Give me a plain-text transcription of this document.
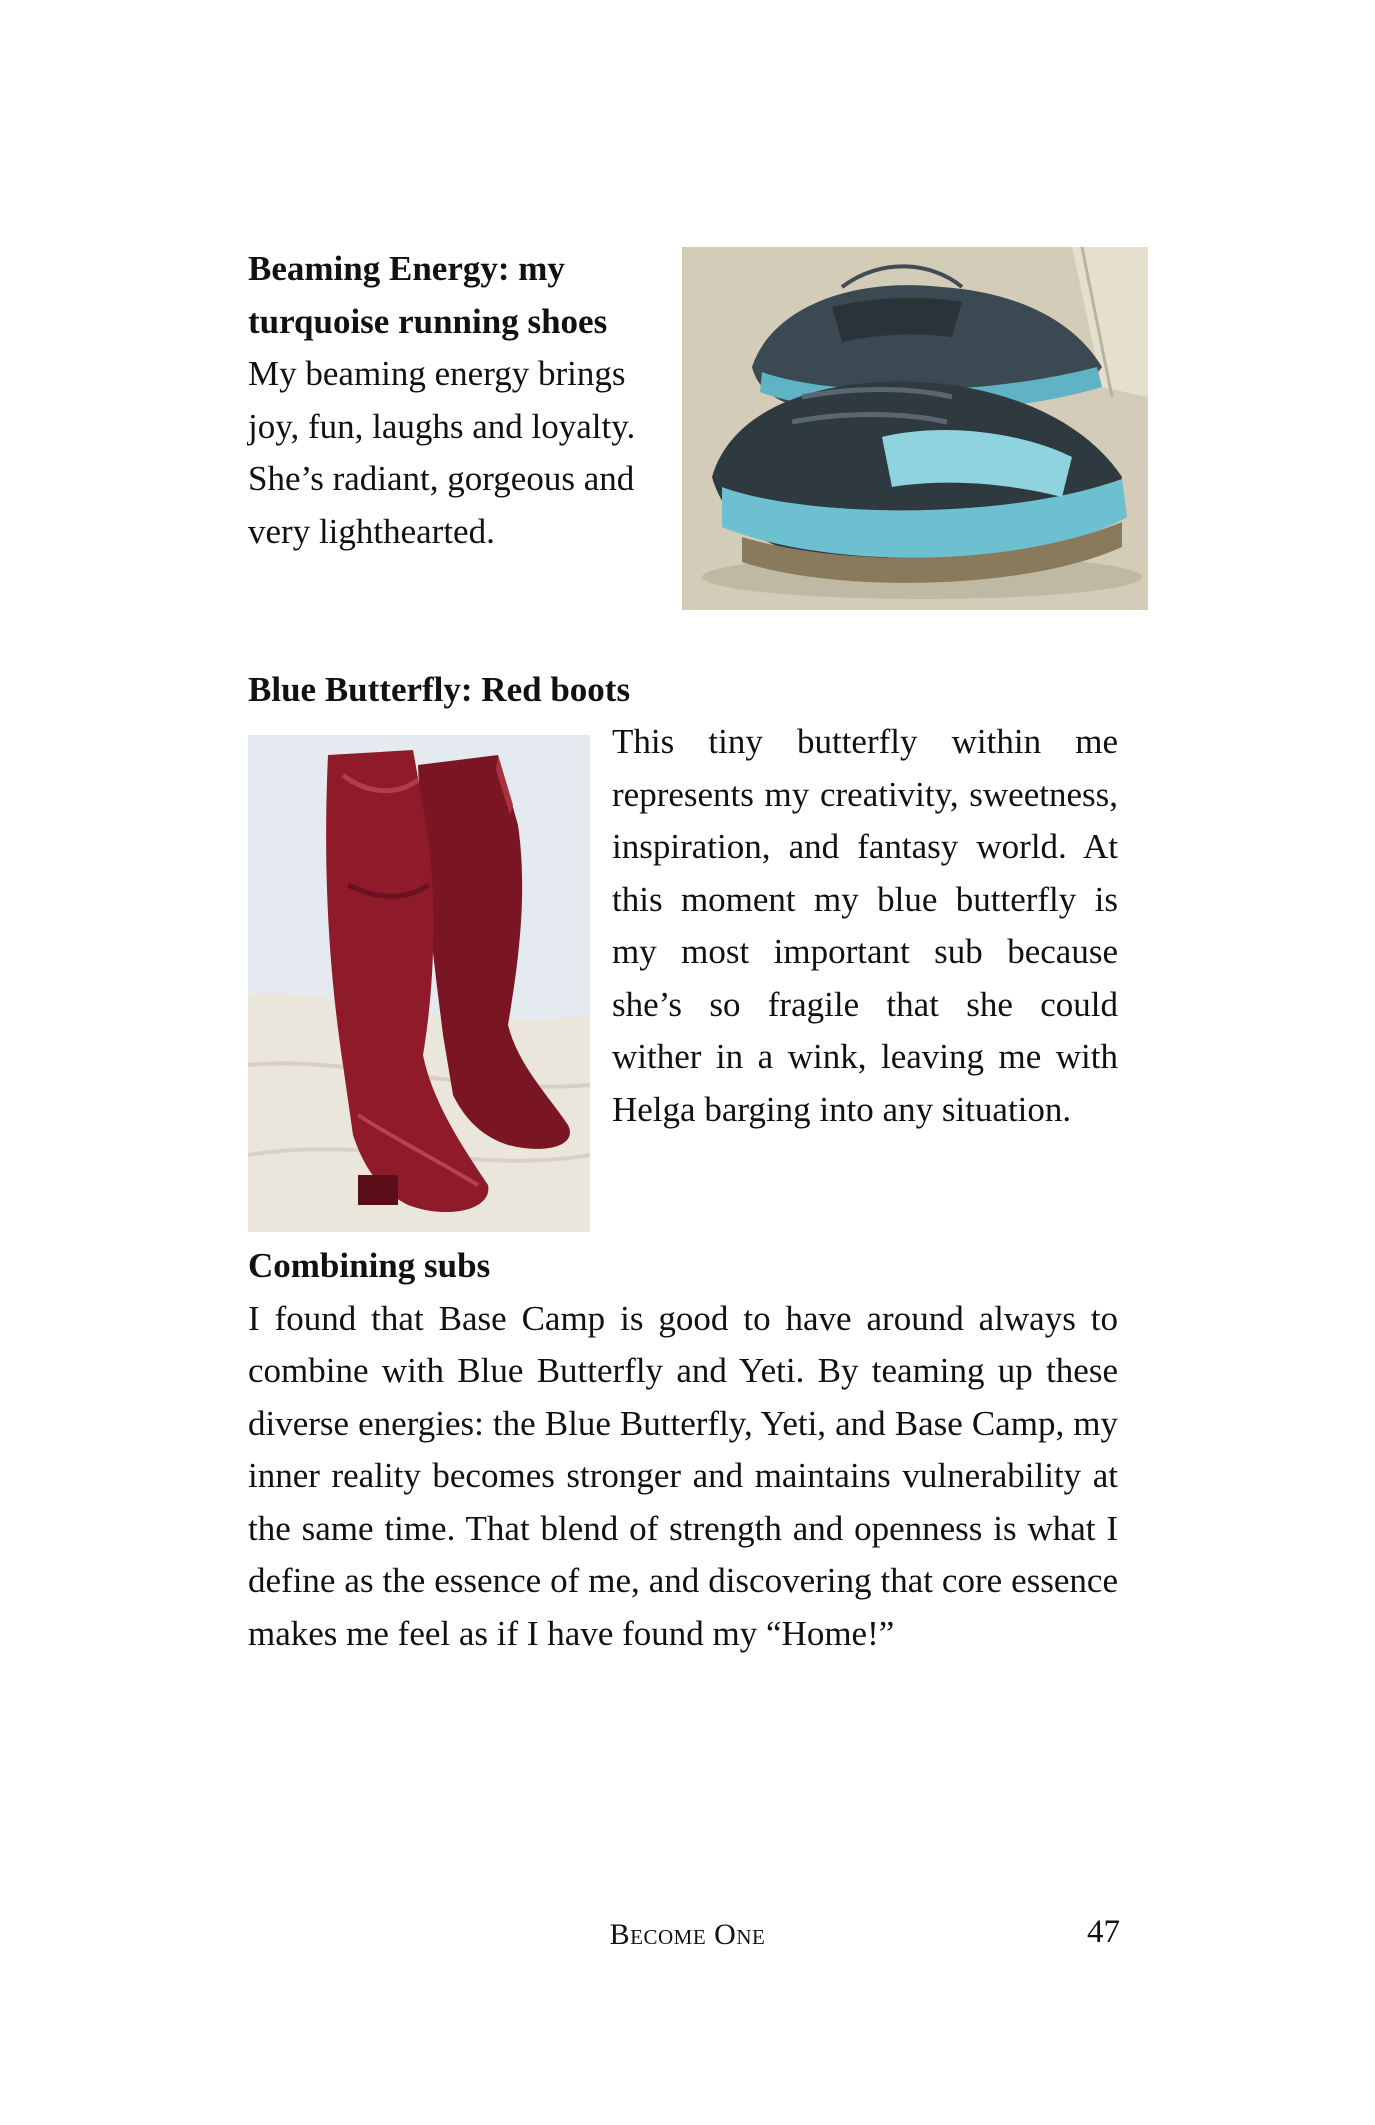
Beaming Energy: my
turquoise running shoes

My beaming energy brings joy, fun, laughs and loyalty. She’s radiant, gorgeous and very lighthearted.

Blue Butterfly: Red boots

This tiny butterfly within me represents my creativity, sweetness, inspiration, and fantasy world. At this moment my blue butterfly is my most important sub because she’s so fragile that she could wither in a wink, leaving me with Helga barging into any situation.

Combining subs

I found that Base Camp is good to have around always to combine with Blue Butterfly and Yeti. By teaming up these diverse energies: the Blue Butterfly, Yeti, and Base Camp, my inner reality becomes stronger and maintains vulnerability at the same time. That blend of strength and openness is what I define as the essence of me, and discovering that core essence makes me feel as if I have found my “Home!”

Become One	47
